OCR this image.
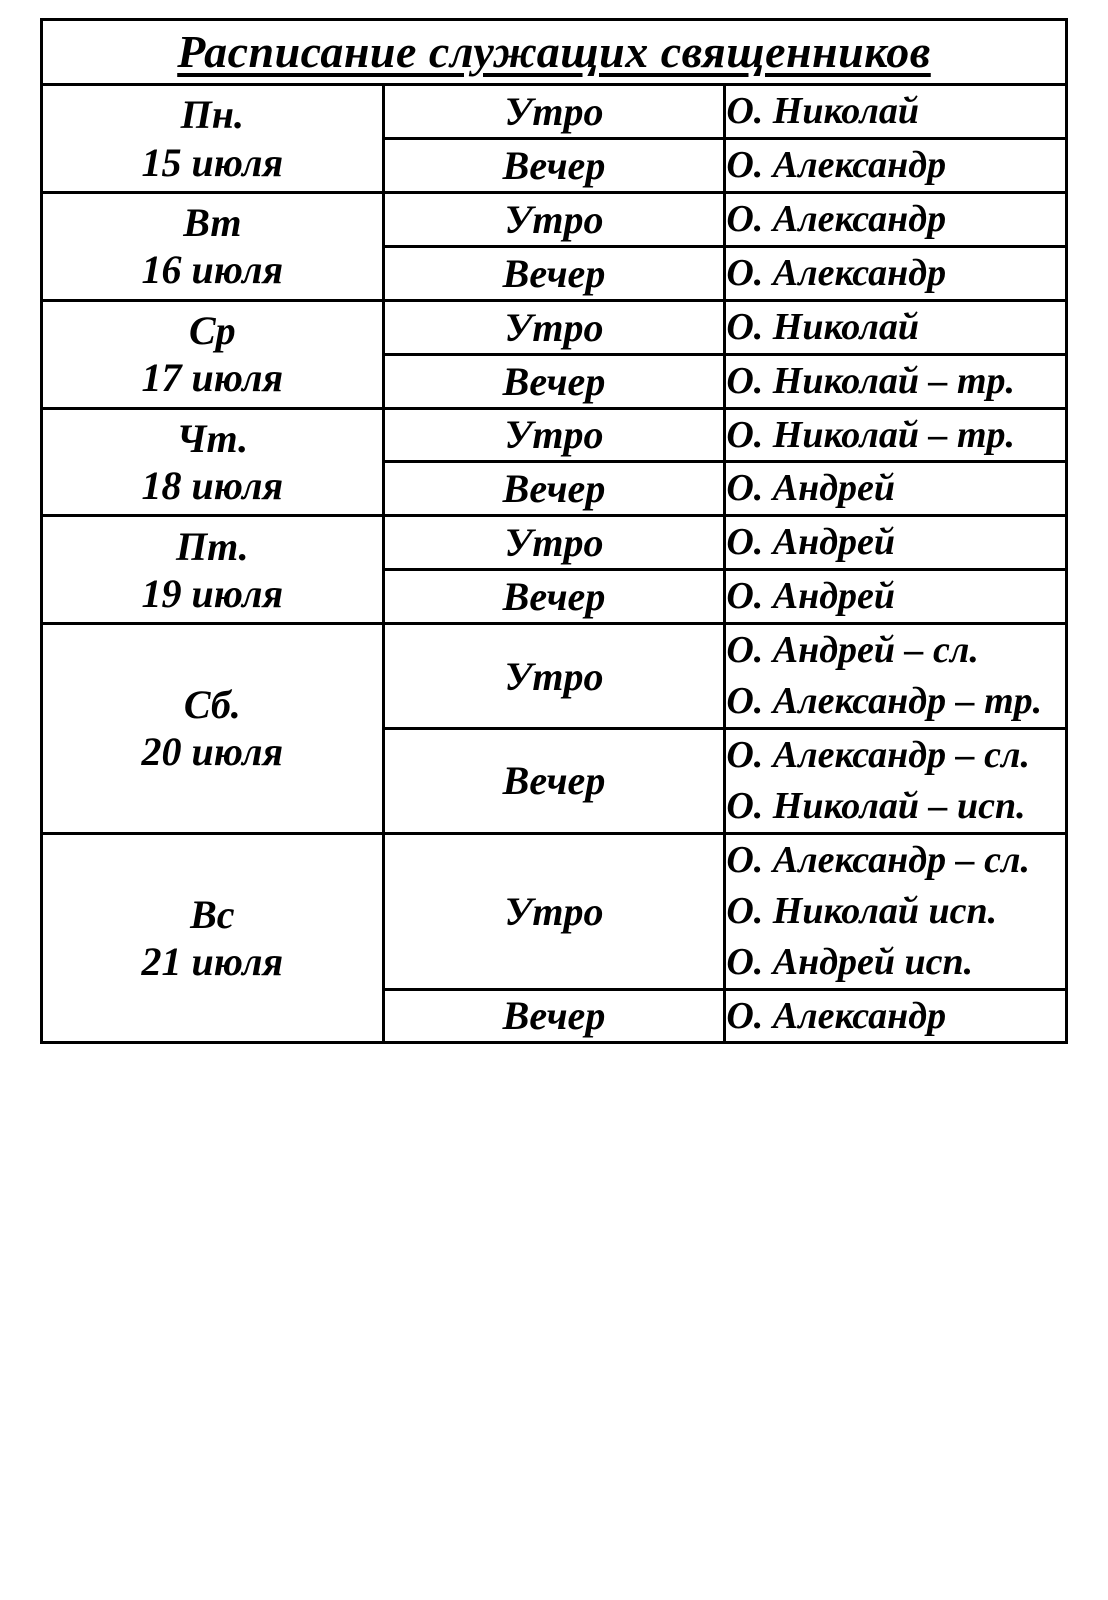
Расписание служащих священников		

Пн.
15 июля	Утро	О. Николай

	Вечер	О. Александр

Вт
16 июля	Утро	О. Александр

	Вечер	О. Александр

Ср
17 июля	Утро	О. Николай

	Вечер	О. Николай – тр.

Чт.
18 июля	Утро	О. Николай – тр.

	Вечер	О. Андрей

Пт.
19 июля	Утро	О. Андрей

	Вечер	О. Андрей

Сб.
20 июля	Утро	О. Андрей – сл.
О. Александр – тр.

	Вечер	О. Александр – сл.
О. Николай – исп.

Вс
21 июля	Утро	О. Александр – сл.
О. Николай исп.
О. Андрей исп.

	Вечер	О. Александр
